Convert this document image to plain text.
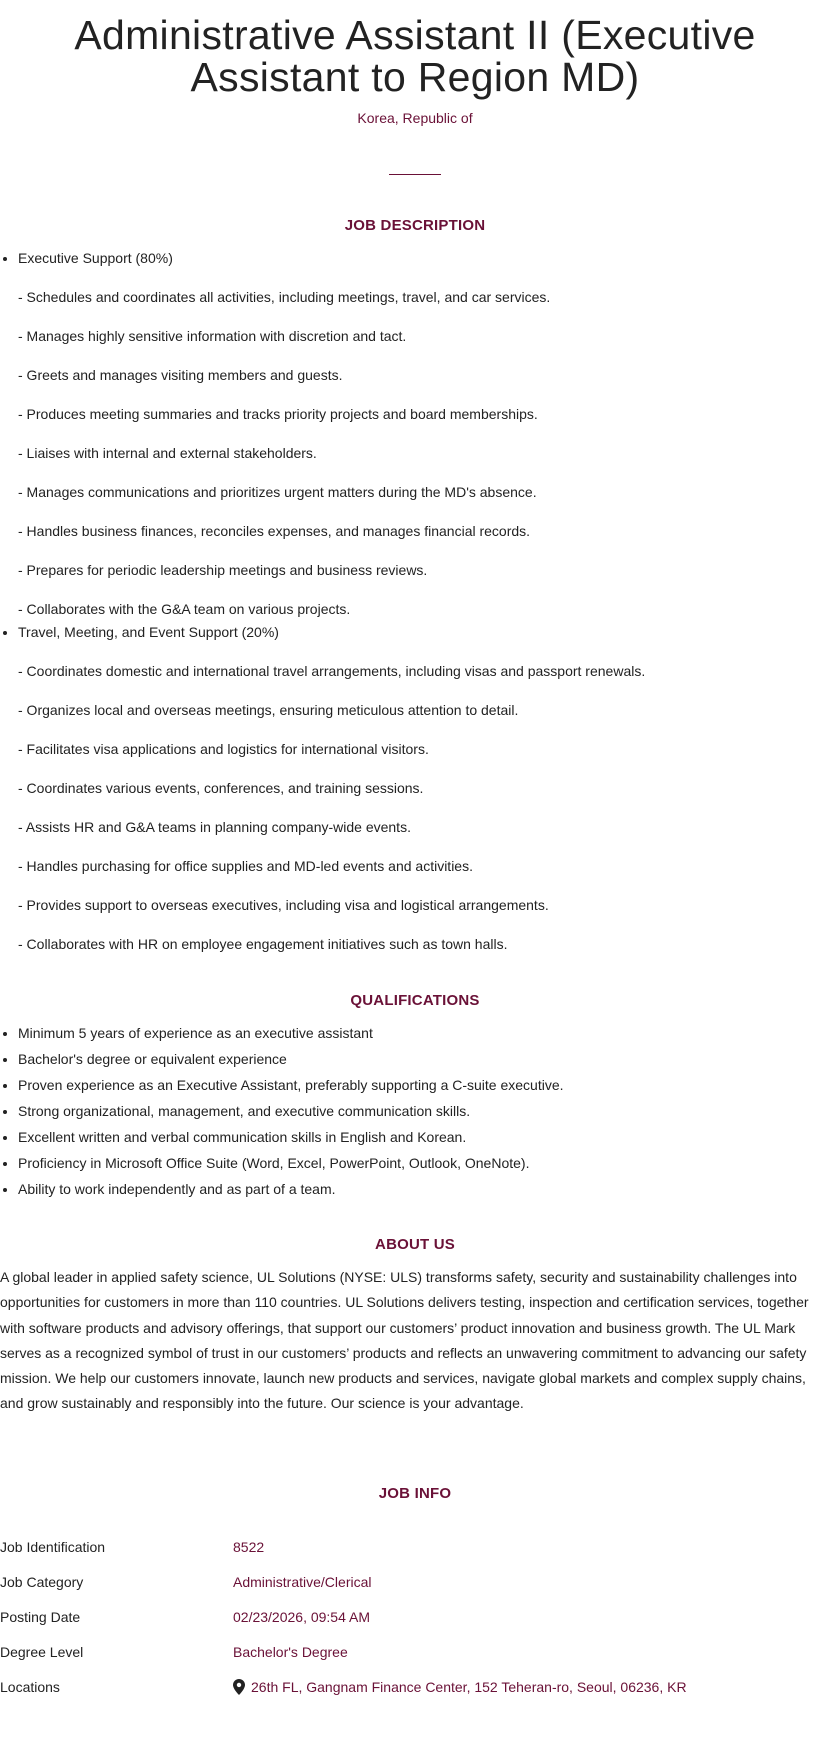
Administrative Assistant II (Executive Assistant to Region MD)
Korea, Republic of
JOB DESCRIPTION
• Executive Support (80%)

- Schedules and coordinates all activities, including meetings, travel, and car services.

- Manages highly sensitive information with discretion and tact.

- Greets and manages visiting members and guests.

- Produces meeting summaries and tracks priority projects and board memberships.

- Liaises with internal and external stakeholders.

- Manages communications and prioritizes urgent matters during the MD's absence.

- Handles business finances, reconciles expenses, and manages financial records.

- Prepares for periodic leadership meetings and business reviews.

- Collaborates with the G&A team on various projects.

• Travel, Meeting, and Event Support (20%)

- Coordinates domestic and international travel arrangements, including visas and passport renewals.

- Organizes local and overseas meetings, ensuring meticulous attention to detail.

- Facilitates visa applications and logistics for international visitors.

- Coordinates various events, conferences, and training sessions.

- Assists HR and G&A teams in planning company-wide events.

- Handles purchasing for office supplies and MD-led events and activities.

- Provides support to overseas executives, including visa and logistical arrangements.

- Collaborates with HR on employee engagement initiatives such as town halls.

QUALIFICATIONS
• Minimum 5 years of experience as an executive assistant
• Bachelor's degree or equivalent experience
• Proven experience as an Executive Assistant, preferably supporting a C-suite executive.
• Strong organizational, management, and executive communication skills.
• Excellent written and verbal communication skills in English and Korean.
• Proficiency in Microsoft Office Suite (Word, Excel, PowerPoint, Outlook, OneNote).
• Ability to work independently and as part of a team.
ABOUT US

A global leader in applied safety science, UL Solutions (NYSE: ULS) transforms safety, security and sustainability challenges into opportunities for customers in more than 110 countries. UL Solutions delivers testing, inspection and certification services, together with software products and advisory offerings, that support our customers’ product innovation and business growth. The UL Mark serves as a recognized symbol of trust in our customers’ products and reflects an unwavering commitment to advancing our safety mission. We help our customers innovate, launch new products and services, navigate global markets and complex supply chains, and grow sustainably and responsibly into the future. Our science is your advantage.

JOB INFO
Job Identification	8522
Job Category	Administrative/Clerical
Posting Date	02/23/2026, 09:54 AM
Degree Level	Bachelor's Degree
Locations	26th FL, Gangnam Finance Center, 152 Teheran-ro, Seoul, 06236, KR
